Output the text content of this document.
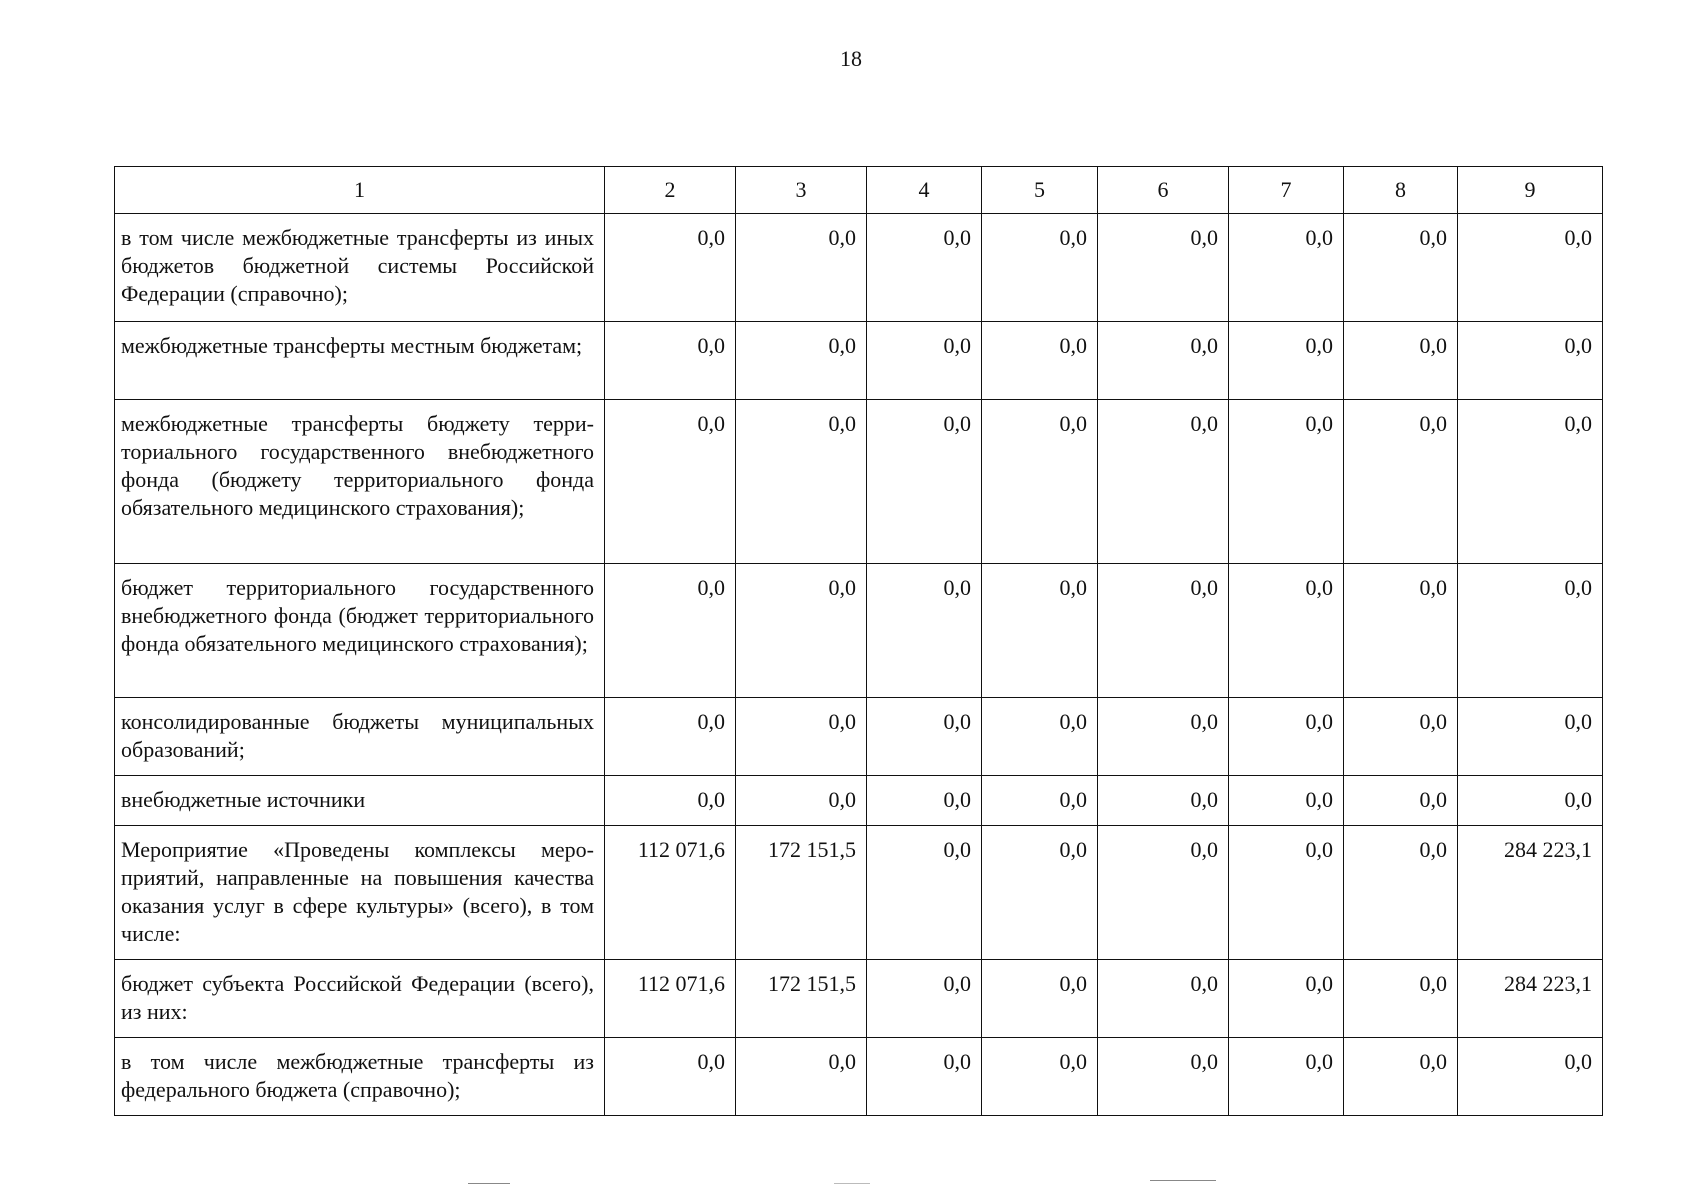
18
1	2	3	4	5	6	7	8	9
в том числе межбюджетные трансферты из иных бюджетов бюджетной системы Российской Федерации (справочно);	0,0	0,0	0,0	0,0	0,0	0,0	0,0	0,0
межбюджетные трансферты местным бюджетам;	0,0	0,0	0,0	0,0	0,0	0,0	0,0	0,0
межбюджетные трансферты бюджету территориального государственного внебюджетного фонда (бюджету территориального фонда обязательного медицинского страхования);	0,0	0,0	0,0	0,0	0,0	0,0	0,0	0,0
бюджет территориального государственного внебюджетного фонда (бюджет территориального фонда обязательного медицинского страхования);	0,0	0,0	0,0	0,0	0,0	0,0	0,0	0,0
консолидированные бюджеты муниципальных образований;	0,0	0,0	0,0	0,0	0,0	0,0	0,0	0,0
внебюджетные источники	0,0	0,0	0,0	0,0	0,0	0,0	0,0	0,0
Мероприятие «Проведены комплексы мероприятий, направленные на повышения качества оказания услуг в сфере культуры» (всего), в том числе:	112 071,6	172 151,5	0,0	0,0	0,0	0,0	0,0	284 223,1
бюджет субъекта Российской Федерации (всего), из них:	112 071,6	172 151,5	0,0	0,0	0,0	0,0	0,0	284 223,1
в том числе межбюджетные трансферты из федерального бюджета (справочно);	0,0	0,0	0,0	0,0	0,0	0,0	0,0	0,0
